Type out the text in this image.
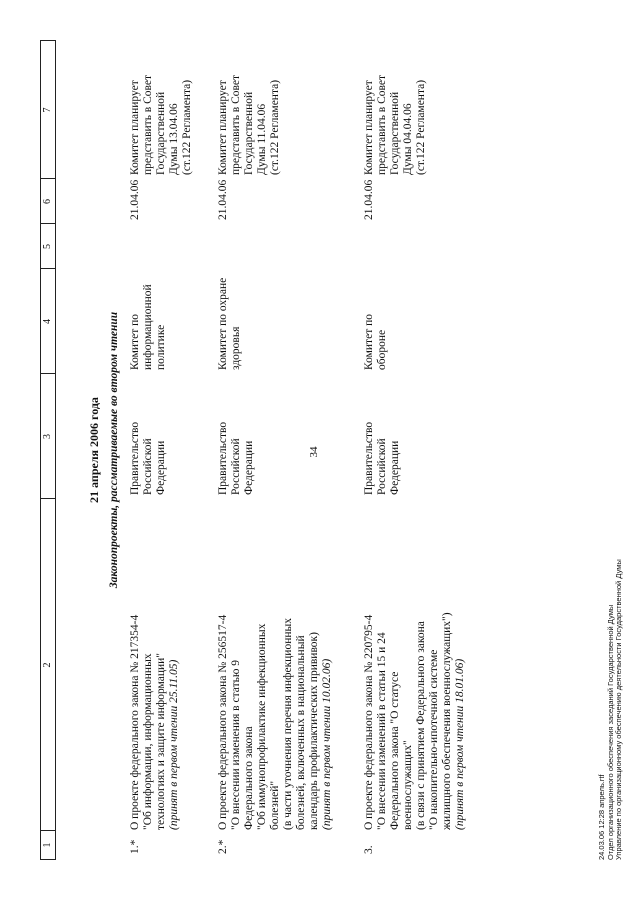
34
1
2
3
4
5
6
7
21 апреля 2006 года Законопроекты, рассматриваемые во втором чтении
1.*
О проекте федерального закона № 217354-4 "Об информации, информационных технологиях и защите информации" (принят в первом чтении 25.11.05)
Правительство Российской Федерации
Комитет по информационной политике
21.04.06
Комитет планирует представить в Совет Государственной Думы 13.04.06 (ст.122 Регламента)
2.*
О проекте федерального закона № 256517-4 "О внесении изменения в статью 9 Федерального закона "Об иммунопрофилактике инфекционных болезней" (в части уточнения перечня инфекционных болезней, включенных в национальный календарь профилактических прививок) (принят в первом чтении 10.02.06)
Правительство Российской Федерации
Комитет по охране здоровья
21.04.06
Комитет планирует представить в Совет Государственной Думы 11.04.06 (ст.122 Регламента)
3.
О проекте федерального закона № 220795-4 "О внесении изменений в статьи 15 и 24 Федерального закона "О статусе военнослужащих" (в связи с принятием Федерального закона "О накопительно-ипотечной системе жилищного обеспечения военнослужащих") (принят в первом чтении 18.01.06)
Правительство Российской Федерации
Комитет по обороне
21.04.06
Комитет планирует представить в Совет Государственной Думы 04.04.06 (ст.122 Регламента)
24.03.06 12:28 апрель.rtf Отдел организационного обеспечения заседаний Государственной Думы Управление по организационному обеспечению деятельности Государственной Думы
